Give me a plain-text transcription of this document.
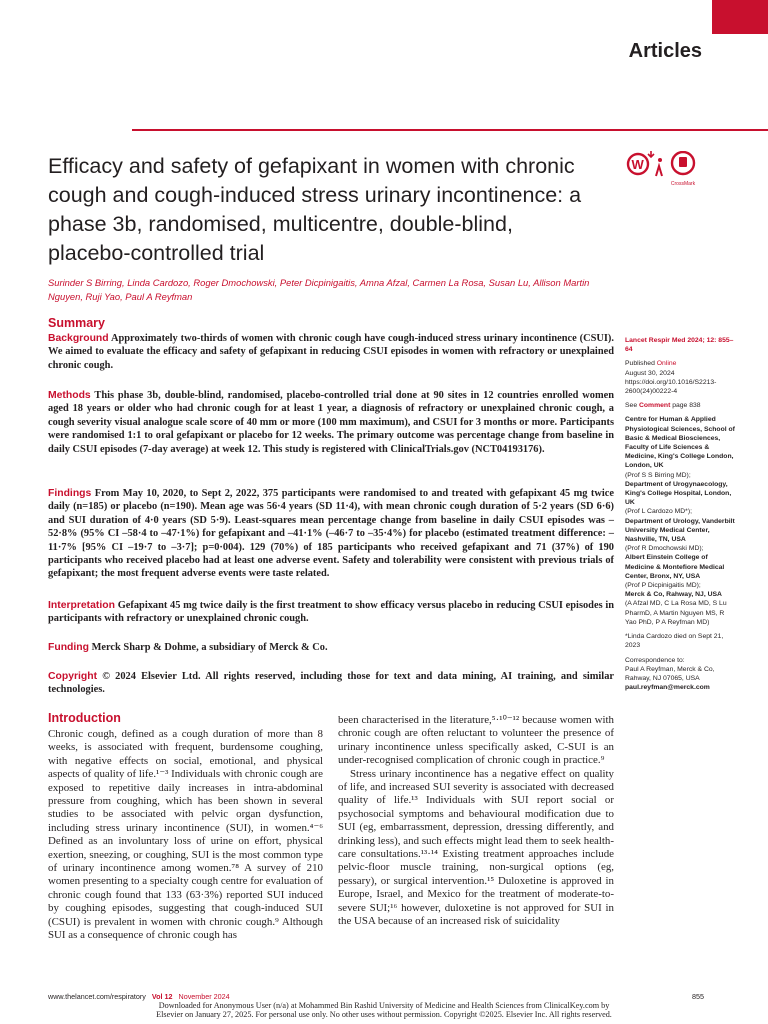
Articles
Efficacy and safety of gefapixant in women with chronic cough and cough-induced stress urinary incontinence: a phase 3b, randomised, multicentre, double-blind, placebo-controlled trial
W
CrossMark
Surinder S Birring, Linda Cardozo, Roger Dmochowski, Peter Dicpinigaitis, Amna Afzal, Carmen La Rosa, Susan Lu, Allison Martin Nguyen, Ruji Yao, Paul A Reyfman
Summary
Background Approximately two-thirds of women with chronic cough have cough-induced stress urinary incontinence (CSUI). We aimed to evaluate the efficacy and safety of gefapixant in reducing CSUI episodes in women with refractory or unexplained chronic cough.
Methods This phase 3b, double-blind, randomised, placebo-controlled trial done at 90 sites in 12 countries enrolled women aged 18 years or older who had chronic cough for at least 1 year, a diagnosis of refractory or unexplained chronic cough, a cough severity visual analogue scale score of 40 mm or more (100 mm maximum), and CSUI for 3 months or more. Participants were randomised 1:1 to oral gefapixant or placebo for 12 weeks. The primary outcome was percentage change from baseline in daily CSUI episodes (7-day average) at week 12. This study is registered with ClinicalTrials.gov (NCT04193176).
Findings From May 10, 2020, to Sept 2, 2022, 375 participants were randomised to and treated with gefapixant 45 mg twice daily (n=185) or placebo (n=190). Mean age was 56·4 years (SD 11·4), with mean chronic cough duration of 5·2 years (SD 6·6) and SUI duration of 4·0 years (SD 5·9). Least-squares mean percentage change from baseline in daily CSUI episodes was –52·8% (95% CI –58·4 to –47·1%) for gefapixant and –41·1% (–46·7 to –35·4%) for placebo (estimated treatment difference: –11·7% [95% CI –19·7 to –3·7]; p=0·004). 129 (70%) of 185 participants who received gefapixant and 71 (37%) of 190 participants who received placebo had at least one adverse event. Safety and tolerability were consistent with previous trials of gefapixant; the most frequent adverse events were taste related.
Interpretation Gefapixant 45 mg twice daily is the first treatment to show efficacy versus placebo in reducing CSUI episodes in participants with refractory or unexplained chronic cough.
Funding Merck Sharp & Dohme, a subsidiary of Merck & Co.
Copyright © 2024 Elsevier Ltd. All rights reserved, including those for text and data mining, AI training, and similar technologies.
Introduction

Chronic cough, defined as a cough duration of more than 8 weeks, is associated with frequent, burdensome coughing, with negative effects on social, emotional, and physical aspects of quality of life.¹⁻³ Individuals with chronic cough are exposed to repetitive daily increases in intra-abdominal pressure from coughing, which has been shown in several studies to be associated with pelvic organ dysfunction, including stress urinary incontinence (SUI), in women.⁴⁻⁶ Defined as an involuntary loss of urine on effort, physical exertion, sneezing, or coughing, SUI is the most common type of urinary incontinence among women.⁷⁸ A survey of 210 women presenting to a specialty cough centre for evaluation of chronic cough found that 133 (63·3%) reported SUI induced by coughing episodes, suggesting that cough-induced SUI (CSUI) is prevalent in women with chronic cough.⁹ Although SUI as a consequence of chronic cough has

been characterised in the literature,⁵·¹⁰⁻¹² because women with chronic cough are often reluctant to volunteer the presence of urinary incontinence unless specifically asked, C-SUI is an under-recognised complication of chronic cough in practice.⁹

Stress urinary incontinence has a negative effect on quality of life, and increased SUI severity is associated with decreased quality of life.¹³ Individuals with SUI report social or psychosocial symptoms and behavioural modification due to SUI (eg, embarrassment, depression, dressing differently, and drinking less), and such effects might lead them to seek health-care consultations.¹³·¹⁴ Existing treatment approaches include pelvic-floor muscle training, non-surgical options (eg, pessary), or surgical intervention.¹⁵ Duloxetine is approved in Europe, Israel, and Mexico for the treatment of moderate-to-severe SUI;¹⁶ however, duloxetine is not approved for SUI in the USA because of an increased risk of suicidality

Lancet Respir Med 2024; 12: 855–64
Published Online
August 30, 2024
https://doi.org/10.1016/S2213-2600(24)00222-4
See Comment page 838
Centre for Human & Applied Physiological Sciences, School of Basic & Medical Biosciences, Faculty of Life Sciences & Medicine, King's College London, London, UK
(Prof S S Birring MD);
Department of Urogynaecology, King's College Hospital, London, UK
(Prof L Cardozo MD*);
Department of Urology, Vanderbilt University Medical Center, Nashville, TN, USA
(Prof R Dmochowski MD);
Albert Einstein College of Medicine & Montefiore Medical Center, Bronx, NY, USA
(Prof P Dicpinigaitis MD);
Merck & Co, Rahway, NJ, USA
(A Afzal MD, C La Rosa MD, S Lu PharmD, A Martin Nguyen MS, R Yao PhD, P A Reyfman MD)
*Linda Cardozo died on Sept 21, 2023
Correspondence to:
Paul A Reyfman, Merck & Co, Rahway, NJ 07065, USA
paul.reyfman@merck.com
www.thelancet.com/respiratory Vol 12 November 2024	855
Downloaded for Anonymous User (n/a) at Mohammed Bin Rashid University of Medicine and Health Sciences from ClinicalKey.com by
Elsevier on January 27, 2025. For personal use only. No other uses without permission. Copyright ©2025. Elsevier Inc. All rights reserved.
